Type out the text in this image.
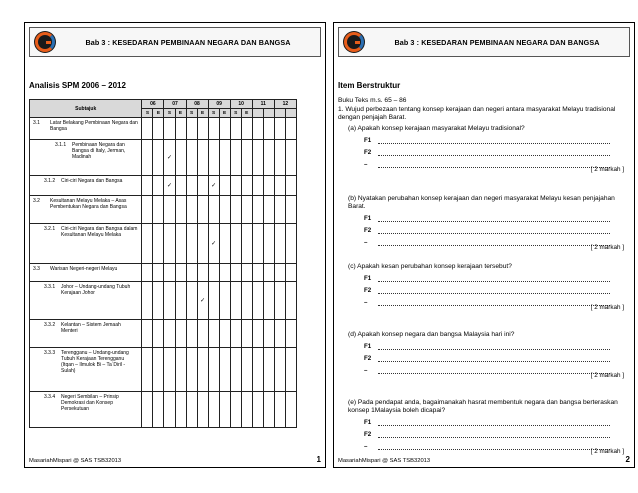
Bab 3 : KESEDARAN PEMBINAAN NEGARA DAN BANGSA
Analisis SPM 2006 – 2012
Subtajuk	06		07		08		09		10		11		12	
	S	E	S	E	S	E	S	E	S	E				
3.1 Latar Belakang Pembinaan Negara dan Bangsa														
3.1.1 Pembinaan Negara dan Bangsa di Italy, Jerman, Madinah			✓											
3.1.2 Ciri-ciri Negara dan Bangsa			✓				✓							
3.2 Kesultanan Melayu Melaka – Asas Pembentukan Negara dan Bangsa														
3.2.1 Ciri-ciri Negara dan Bangsa dalam Kesultanan Melayu Melaka							✓							
3.3 Warisan Negeri-negeri Melayu														
3.3.1 Johor – Undang-undang Tubuh Kerajaan Johor						✓								
3.3.2 Kelantan – Sistem Jemaah Menteri														
3.3.3 Terengganu – Undang-undang Tubuh Kerajaan Terengganu (Itqan – Ilmulok Bi – Ta`Diril - Sulah)														
3.3.4 Negeri Sembilan – Prinsip Demokrasi dan Konsep Persekutuan														
MasariahMispari @ SAS TSB32013	1
Bab 3 : KESEDARAN PEMBINAAN NEGARA DAN BANGSA
Item Berstruktur
Buku Teks m.s. 65 – 86
1. Wujud perbezaan tentang konsep kerajaan dan negeri antara masyarakat Melayu tradisional dengan penjajah Barat.
(a) Apakah konsep kerajaan masyarakat Melayu tradisional?
F1
F2
–
[ 2 markah ]
(b) Nyatakan perubahan konsep kerajaan dan negeri masyarakat Melayu kesan penjajahan Barat.
F1
F2
–
[ 2 markah ]
(c) Apakah kesan perubahan konsep kerajaan tersebut?
F1
F2
–
[ 2 markah ]
(d) Apakah konsep negara dan bangsa Malaysia hari ini?
F1
F2
–
[ 2 markah ]
(e) Pada pendapat anda, bagaimanakah hasrat membentuk negara dan bangsa berteraskan konsep 1Malaysia boleh dicapai?
F1
F2
–
[ 2 markah ]
MasariahMispari @ SAS TSB32013	2
